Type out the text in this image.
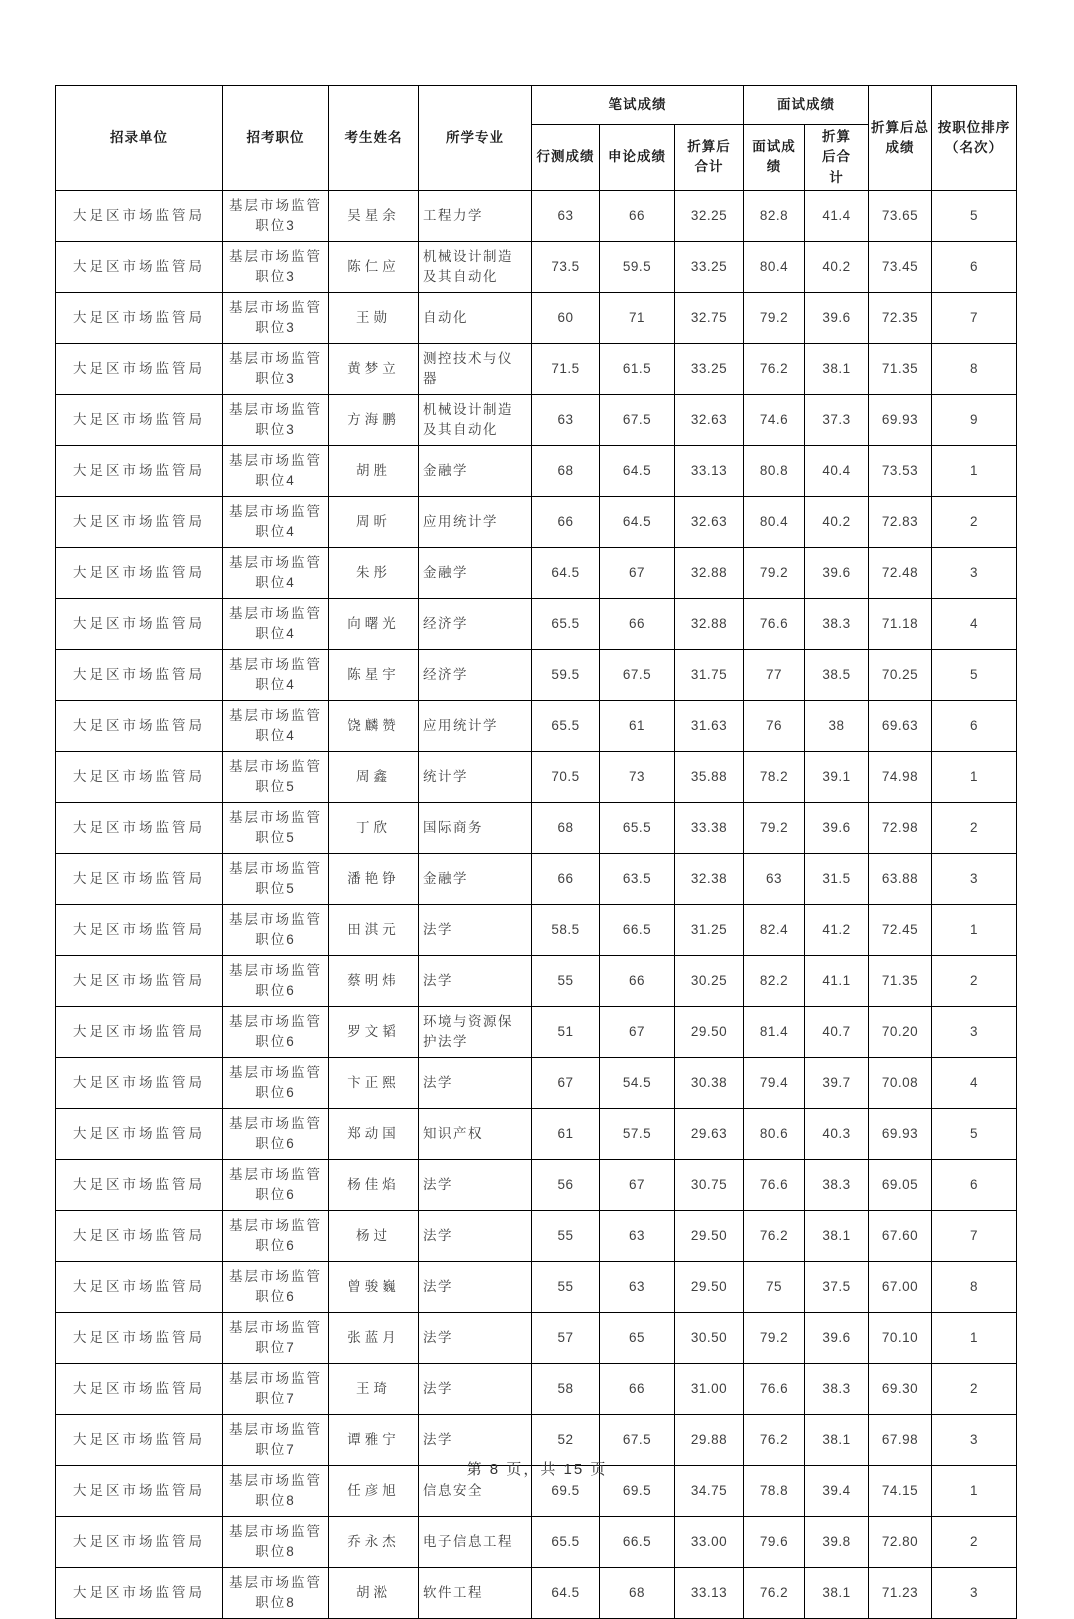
招录单位	招考职位	考生姓名	所学专业	笔试成绩			面试成绩		折算后总成绩	按职位排序（名次）
				行测成绩	申论成绩	折算后合计	面试成绩	折算后合计		
大足区市场监管局	基层市场监管职位3	吴星余	工程力学	63	66	32.25	82.8	41.4	73.65	5
大足区市场监管局	基层市场监管职位3	陈仁应	机械设计制造及其自动化	73.5	59.5	33.25	80.4	40.2	73.45	6
大足区市场监管局	基层市场监管职位3	王勋	自动化	60	71	32.75	79.2	39.6	72.35	7
大足区市场监管局	基层市场监管职位3	黄梦立	测控技术与仪器	71.5	61.5	33.25	76.2	38.1	71.35	8
大足区市场监管局	基层市场监管职位3	方海鹏	机械设计制造及其自动化	63	67.5	32.63	74.6	37.3	69.93	9
大足区市场监管局	基层市场监管职位4	胡胜	金融学	68	64.5	33.13	80.8	40.4	73.53	1
大足区市场监管局	基层市场监管职位4	周昕	应用统计学	66	64.5	32.63	80.4	40.2	72.83	2
大足区市场监管局	基层市场监管职位4	朱彤	金融学	64.5	67	32.88	79.2	39.6	72.48	3
大足区市场监管局	基层市场监管职位4	向曙光	经济学	65.5	66	32.88	76.6	38.3	71.18	4
大足区市场监管局	基层市场监管职位4	陈星宇	经济学	59.5	67.5	31.75	77	38.5	70.25	5
大足区市场监管局	基层市场监管职位4	饶麟赞	应用统计学	65.5	61	31.63	76	38	69.63	6
大足区市场监管局	基层市场监管职位5	周鑫	统计学	70.5	73	35.88	78.2	39.1	74.98	1
大足区市场监管局	基层市场监管职位5	丁欣	国际商务	68	65.5	33.38	79.2	39.6	72.98	2
大足区市场监管局	基层市场监管职位5	潘艳铮	金融学	66	63.5	32.38	63	31.5	63.88	3
大足区市场监管局	基层市场监管职位6	田淇元	法学	58.5	66.5	31.25	82.4	41.2	72.45	1
大足区市场监管局	基层市场监管职位6	蔡明炜	法学	55	66	30.25	82.2	41.1	71.35	2
大足区市场监管局	基层市场监管职位6	罗文韬	环境与资源保护法学	51	67	29.50	81.4	40.7	70.20	3
大足区市场监管局	基层市场监管职位6	卞正熙	法学	67	54.5	30.38	79.4	39.7	70.08	4
大足区市场监管局	基层市场监管职位6	郑动国	知识产权	61	57.5	29.63	80.6	40.3	69.93	5
大足区市场监管局	基层市场监管职位6	杨佳焰	法学	56	67	30.75	76.6	38.3	69.05	6
大足区市场监管局	基层市场监管职位6	杨过	法学	55	63	29.50	76.2	38.1	67.60	7
大足区市场监管局	基层市场监管职位6	曾骏巍	法学	55	63	29.50	75	37.5	67.00	8
大足区市场监管局	基层市场监管职位7	张蓝月	法学	57	65	30.50	79.2	39.6	70.10	1
大足区市场监管局	基层市场监管职位7	王琦	法学	58	66	31.00	76.6	38.3	69.30	2
大足区市场监管局	基层市场监管职位7	谭雅宁	法学	52	67.5	29.88	76.2	38.1	67.98	3
大足区市场监管局	基层市场监管职位8	任彦旭	信息安全	69.5	69.5	34.75	78.8	39.4	74.15	1
大足区市场监管局	基层市场监管职位8	乔永杰	电子信息工程	65.5	66.5	33.00	79.6	39.8	72.80	2
大足区市场监管局	基层市场监管职位8	胡淞	软件工程	64.5	68	33.13	76.2	38.1	71.23	3
第 8 页，共 15 页
